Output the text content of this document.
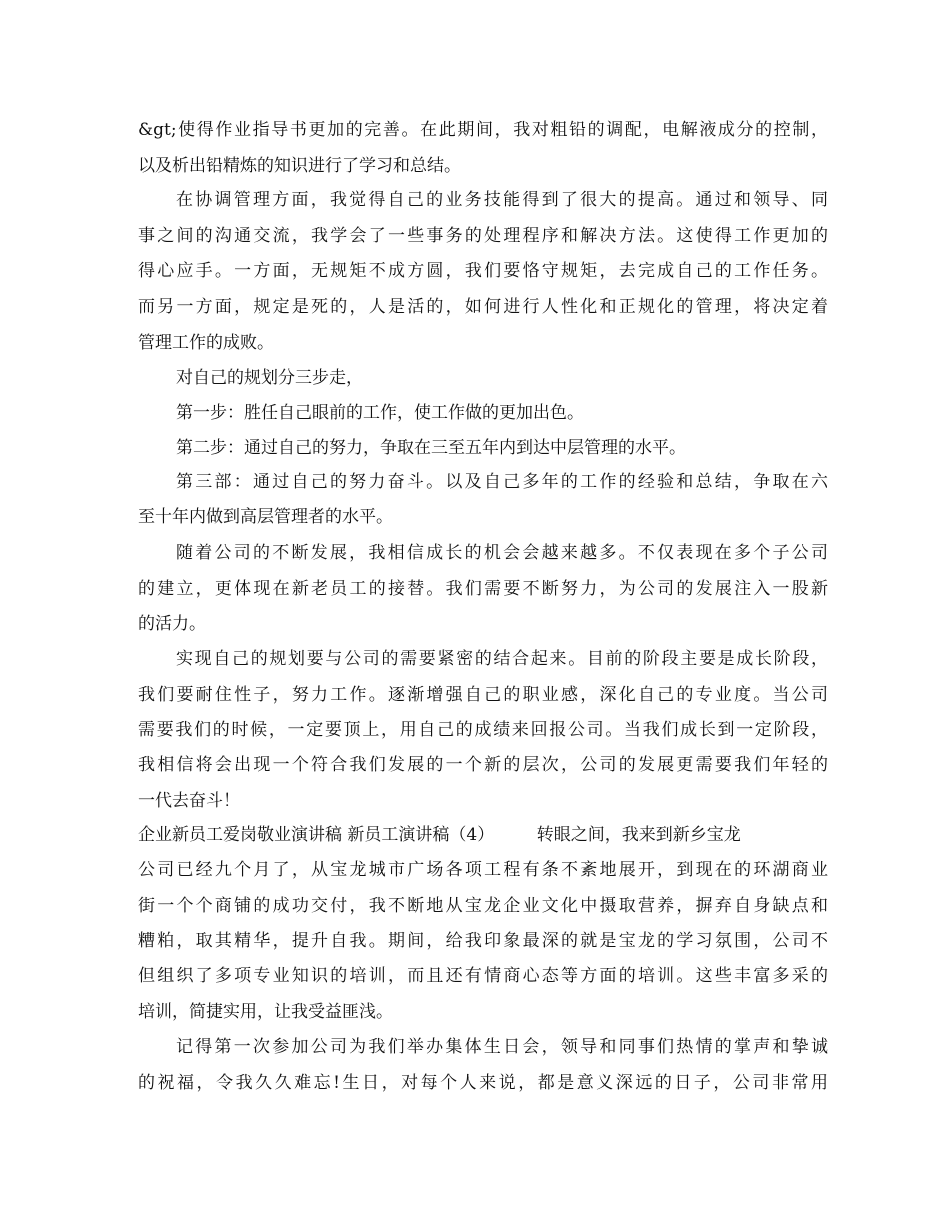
&gt;使得作业指导书更加的完善。在此期间，我对粗铅的调配，电解液成分的控制，
以及析出铅精炼的知识进行了学习和总结。
在协调管理方面，我觉得自己的业务技能得到了很大的提高。通过和领导、同
事之间的沟通交流，我学会了一些事务的处理程序和解决方法。这使得工作更加的
得心应手。一方面，无规矩不成方圆，我们要恪守规矩，去完成自己的工作任务。
而另一方面，规定是死的，人是活的，如何进行人性化和正规化的管理，将决定着
管理工作的成败。
对自己的规划分三步走，
第一步：胜任自己眼前的工作，使工作做的更加出色。
第二步：通过自己的努力，争取在三至五年内到达中层管理的水平。
第三部：通过自己的努力奋斗。以及自己多年的工作的经验和总结，争取在六
至十年内做到高层管理者的水平。
随着公司的不断发展，我相信成长的机会会越来越多。不仅表现在多个子公司
的建立，更体现在新老员工的接替。我们需要不断努力，为公司的发展注入一股新
的活力。
实现自己的规划要与公司的需要紧密的结合起来。目前的阶段主要是成长阶段，
我们要耐住性子，努力工作。逐渐增强自己的职业感，深化自己的专业度。当公司
需要我们的时候，一定要顶上，用自己的成绩来回报公司。当我们成长到一定阶段，
我相信将会出现一个符合我们发展的一个新的层次，公司的发展更需要我们年轻的
一代去奋斗！
企业新员工爱岗敬业演讲稿 新员工演讲稿（4）　　　转眼之间，我来到新乡宝龙
公司已经九个月了，从宝龙城市广场各项工程有条不紊地展开，到现在的环湖商业
街一个个商铺的成功交付，我不断地从宝龙企业文化中摄取营养，摒弃自身缺点和
糟粕，取其精华，提升自我。期间，给我印象最深的就是宝龙的学习氛围，公司不
但组织了多项专业知识的培训，而且还有情商心态等方面的培训。这些丰富多采的
培训，简捷实用，让我受益匪浅。
记得第一次参加公司为我们举办集体生日会，领导和同事们热情的掌声和挚诚
的祝福，令我久久难忘!生日，对每个人来说，都是意义深远的日子，公司非常用
